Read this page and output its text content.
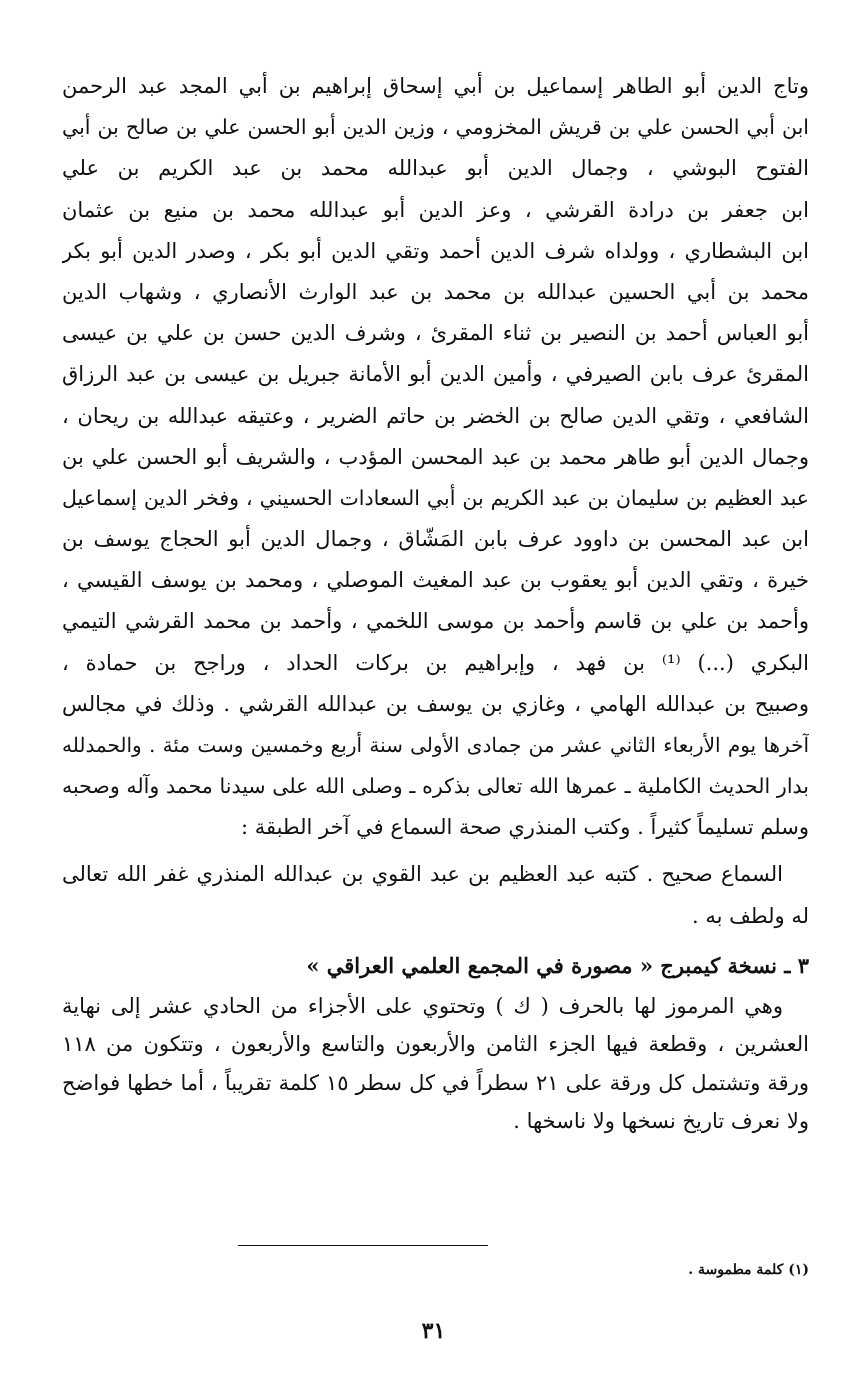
وتاج الدين أبو الطاهر إسماعيل بن أبي إسحاق إبراهيم بن أبي المجد عبد الرحمن
ابن أبي الحسن علي بن قريش المخزومي ، وزين الدين أبو الحسن علي بن صالح بن أبي
الفتوح البوشي ، وجمال الدين أبو عبدالله محمد بن عبد الكريم بن علي
ابن جعفر بن درادة القرشي ، وعز الدين أبو عبدالله محمد بن منيع بن عثمان
ابن البشطاري ، وولداه شرف الدين أحمد وتقي الدين أبو بكر ، وصدر الدين أبو بكر
محمد بن أبي الحسين عبدالله بن محمد بن عبد الوارث الأنصاري ، وشهاب الدين
أبو العباس أحمد بن النصير بن ثناء المقرئ ، وشرف الدين حسن بن علي بن عيسى
المقرئ عرف بابن الصيرفي ، وأمين الدين أبو الأمانة جبريل بن عيسى بن عبد الرزاق
الشافعي ، وتقي الدين صالح بن الخضر بن حاتم الضرير ، وعتيقه عبدالله بن ريحان ،
وجمال الدين أبو طاهر محمد بن عبد المحسن المؤدب ، والشريف أبو الحسن علي بن
عبد العظيم بن سليمان بن عبد الكريم بن أبي السعادات الحسيني ، وفخر الدين إسماعيل
ابن عبد المحسن بن داوود عرف بابن المَشّاق ، وجمال الدين أبو الحجاج يوسف بن
خيرة ، وتقي الدين أبو يعقوب بن عبد المغيث الموصلي ، ومحمد بن يوسف القيسي ،
وأحمد بن علي بن قاسم وأحمد بن موسى اللخمي ، وأحمد بن محمد القرشي التيمي
البكري (...) ⁽¹⁾ بن فهد ، وإبراهيم بن بركات الحداد ، وراجح بن حمادة ،
وصبيح بن عبدالله الهامي ، وغازي بن يوسف بن عبدالله القرشي . وذلك في مجالس
آخرها يوم الأربعاء الثاني عشر من جمادى الأولى سنة أربع وخمسين وست مئة . والحمدلله
بدار الحديث الكاملية ـ عمرها الله تعالى بذكره ـ وصلى الله على سيدنا محمد وآله وصحبه
وسلم تسليماً كثيراً . وكتب المنذري صحة السماع في آخر الطبقة :
السماع صحيح . كتبه عبد العظيم بن عبد القوي بن عبدالله المنذري غفر الله تعالى
له ولطف به .
٣ ـ نسخة كيمبرج « مصورة في المجمع العلمي العراقي »
وهي المرموز لها بالحرف ( ك ) وتحتوي على الأجزاء من الحادي عشر إلى نهاية
العشرين ، وقطعة فيها الجزء الثامن والأربعون والتاسع والأربعون ، وتتكون من ١١٨
ورقة وتشتمل كل ورقة على ٢١ سطراً في كل سطر ١٥ كلمة تقريباً ، أما خطها فواضح
ولا نعرف تاريخ نسخها ولا ناسخها .
(١) كلمة مطموسة .
٣١
